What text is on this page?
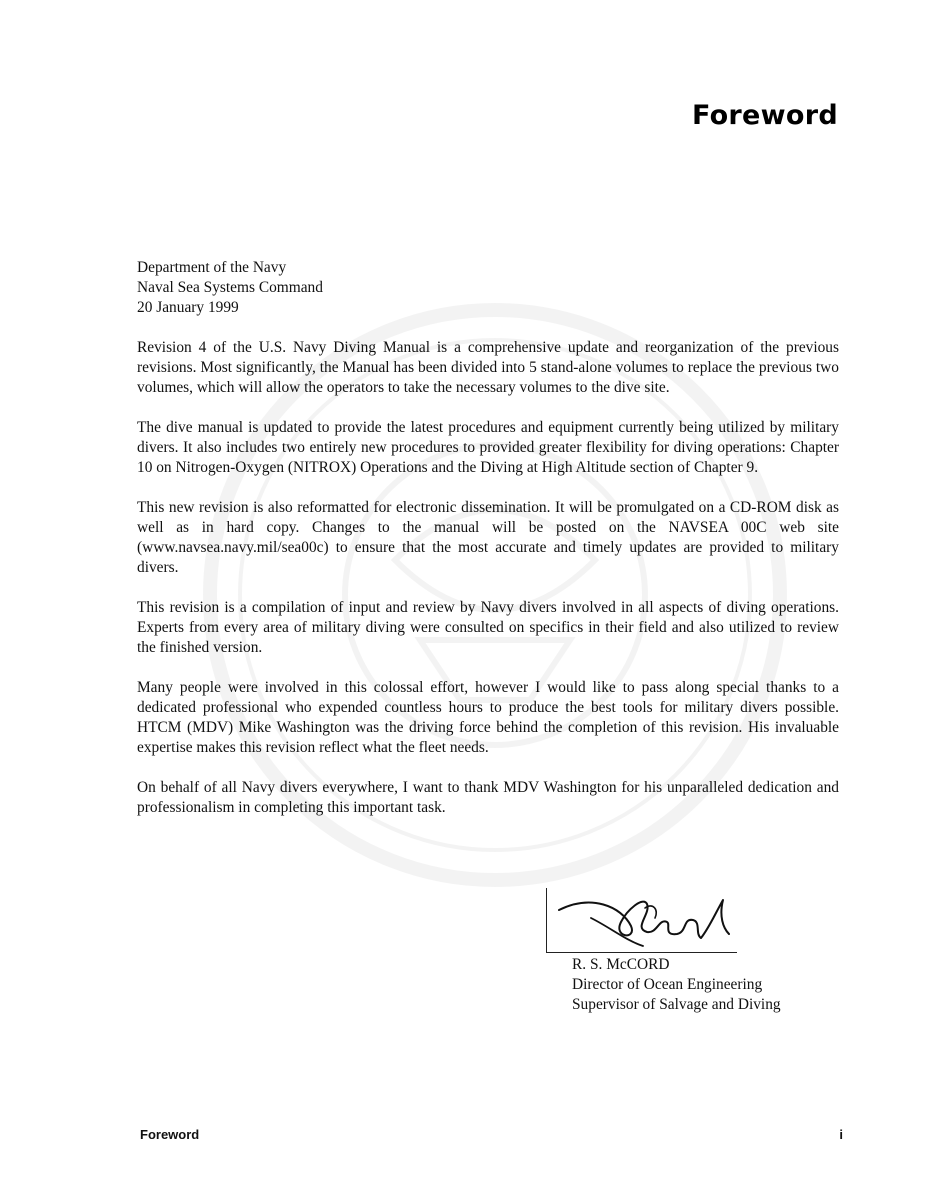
Foreword
Department of the Navy
Naval Sea Systems Command
20 January 1999

Revision 4 of the U.S. Navy Diving Manual is a comprehensive update and reorganization of the previous revisions. Most significantly, the Manual has been divided into 5 stand-alone volumes to replace the previous two volumes, which will allow the operators to take the necessary volumes to the dive site.

The dive manual is updated to provide the latest procedures and equipment currently being utilized by military divers. It also includes two entirely new procedures to provided greater flexibility for diving operations: Chapter 10 on Nitrogen-Oxygen (NITROX) Operations and the Diving at High Altitude section of Chapter 9.

This new revision is also reformatted for electronic dissemination. It will be promulgated on a CD-ROM disk as well as in hard copy. Changes to the manual will be posted on the NAVSEA 00C web site (www.navsea.navy.mil/sea00c) to ensure that the most accurate and timely updates are provided to military divers.

This revision is a compilation of input and review by Navy divers involved in all aspects of diving operations. Experts from every area of military diving were consulted on specifics in their field and also utilized to review the finished version.

Many people were involved in this colossal effort, however I would like to pass along special thanks to a dedicated professional who expended countless hours to produce the best tools for military divers possible. HTCM (MDV) Mike Washington was the driving force behind the completion of this revision. His invaluable expertise makes this revision reflect what the fleet needs.

On behalf of all Navy divers everywhere, I want to thank MDV Washington for his unparalleled dedication and professionalism in completing this important task.

R. S. McCORD
Director of Ocean Engineering
Supervisor of Salvage and Diving
Foreword	i
